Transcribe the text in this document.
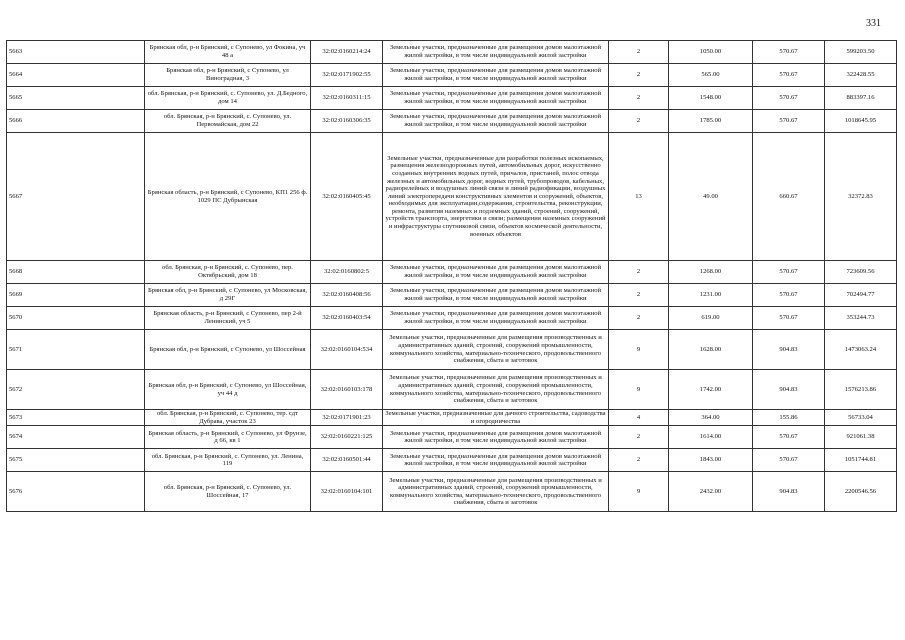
331
5663	Брянская обл, р-н Брянский, с Супонево, ул Фокина, уч 48 а	32:02:0160214:24	Земельные участки, предназначенные для размещения домов малоэтажной жилой застройки, в том числе индивидуальной жилой застройки	2	1050.00	570.67	599203.50
5664	Брянская обл, р-н Брянский, с Супонево, ул Виноградная, 3	32:02:0171902:55	Земельные участки, предназначенные для размещения домов малоэтажной жилой застройки, в том числе индивидуальной жилой застройки	2	565.00	570.67	322428.55
5665	обл. Брянская, р-н Брянский, с. Супонево, ул. Д.Бедного, дом 14	32:02:0160311:15	Земельные участки, предназначенные для размещения домов малоэтажной жилой застройки, в том числе индивидуальной жилой застройки	2	1548.00	570.67	883397.16
5666	обл. Брянская, р-н Брянский, с. Супонево, ул. Первомайская, дом 22	32:02:0160306:35	Земельные участки, предназначенные для размещения домов малоэтажной жилой застройки, в том числе индивидуальной жилой застройки	2	1785.00	570.67	1018645.95
5667	Брянская область, р-н Брянский, с Супонево, КП1 256 ф. 1029 ПС Дубрынская	32:02:0160405:45	Земельные участки, предназначенные для разработки полезных ископаемых, размещения железнодорожных путей, автомобильных дорог, искусственно созданных внутренних водных путей, причалов, пристаней, полос отвода железных и автомобильных дорог, водных путей, трубопроводов, кабельных, радиорелейных и воздушных линий связи и линий радиофикации, воздушных линий электропередачи конструктивных элементов и сооружений, объектов, необходимых для эксплуатации,содержания, строительства, реконструкции, ремонта, развития наземных и подземных зданий, строений, сооружений, устройств транспорта, энергетики и связи; размещения наземных сооружений и инфраструктуры спутниковой связи, объектов космической деятельности, военных объектов	13	49.00	660.67	32372.83
5668	обл. Брянская, р-н Брянский, с. Супонево, пер. Октябрьский, дом 18	32:02:0160802:5	Земельные участки, предназначенные для размещения домов малоэтажной жилой застройки, в том числе индивидуальной жилой застройки	2	1268.00	570.67	723609.56
5669	Брянская обл, р-н Брянский, с Супонево, ул Московская, д 29Г	32:02:0160408:56	Земельные участки, предназначенные для размещения домов малоэтажной жилой застройки, в том числе индивидуальной жилой застройки	2	1231.00	570.67	702494.77
5670	Брянская область, р-н Брянский, с Супонево, пер 2-й Ленинский, уч 5	32:02:0160403:54	Земельные участки, предназначенные для размещения домов малоэтажной жилой застройки, в том числе индивидуальной жилой застройки	2	619.00	570.67	353244.73
5671	Брянская обл, р-н Брянский, с Супонево, ул Шоссейная	32:02:0160104:534	Земельные участки, предназначенные для размещения производственных и административных зданий, строений, сооружений промышленности, коммунального хозяйства, материально-технического, продовольственного снабжения, сбыта и заготовок	9	1628.00	904.83	1473063.24
5672	Брянская обл, р-н Брянский, с Супонево, ул Шоссейная, уч 44 д	32:02:0160103:178	Земельные участки, предназначенные для размещения производственных и административных зданий, строений, сооружений промышленности, коммунального хозяйства, материально-технического, продовольственного снабжения, сбыта и заготовок	9	1742.00	904.83	1576213.86
5673	обл. Брянская, р-н Брянский, с. Супонево, тер. сдт Дубрава, участок 23	32:02:0171901:23	Земельные участки, предназначенные для дачного строительства, садоводства и огородничества	4	364.00	155.86	56733.04
5674	Брянская область, р-н Брянский, с Супонево, ул Фрунзе, д 66, кв 1	32:02:0160221:125	Земельные участки, предназначенные для размещения домов малоэтажной жилой застройки, в том числе индивидуальной жилой застройки	2	1614.00	570.67	921061.38
5675	обл. Брянская, р-н Брянский, с. Супонево, ул. Ленина, 119	32:02:0160501:44	Земельные участки, предназначенные для размещения домов малоэтажной жилой застройки, в том числе индивидуальной жилой застройки	2	1843.00	570.67	1051744.81
5676	обл. Брянская, р-н Брянский, с. Супонево, ул. Шоссейная, 17	32:02:0160104:101	Земельные участки, предназначенные для размещения производственных и административных зданий, строений, сооружений промышленности, коммунального хозяйства, материально-технического, продовольственного снабжения, сбыта и заготовок	9	2432.00	904.83	2200546.56
